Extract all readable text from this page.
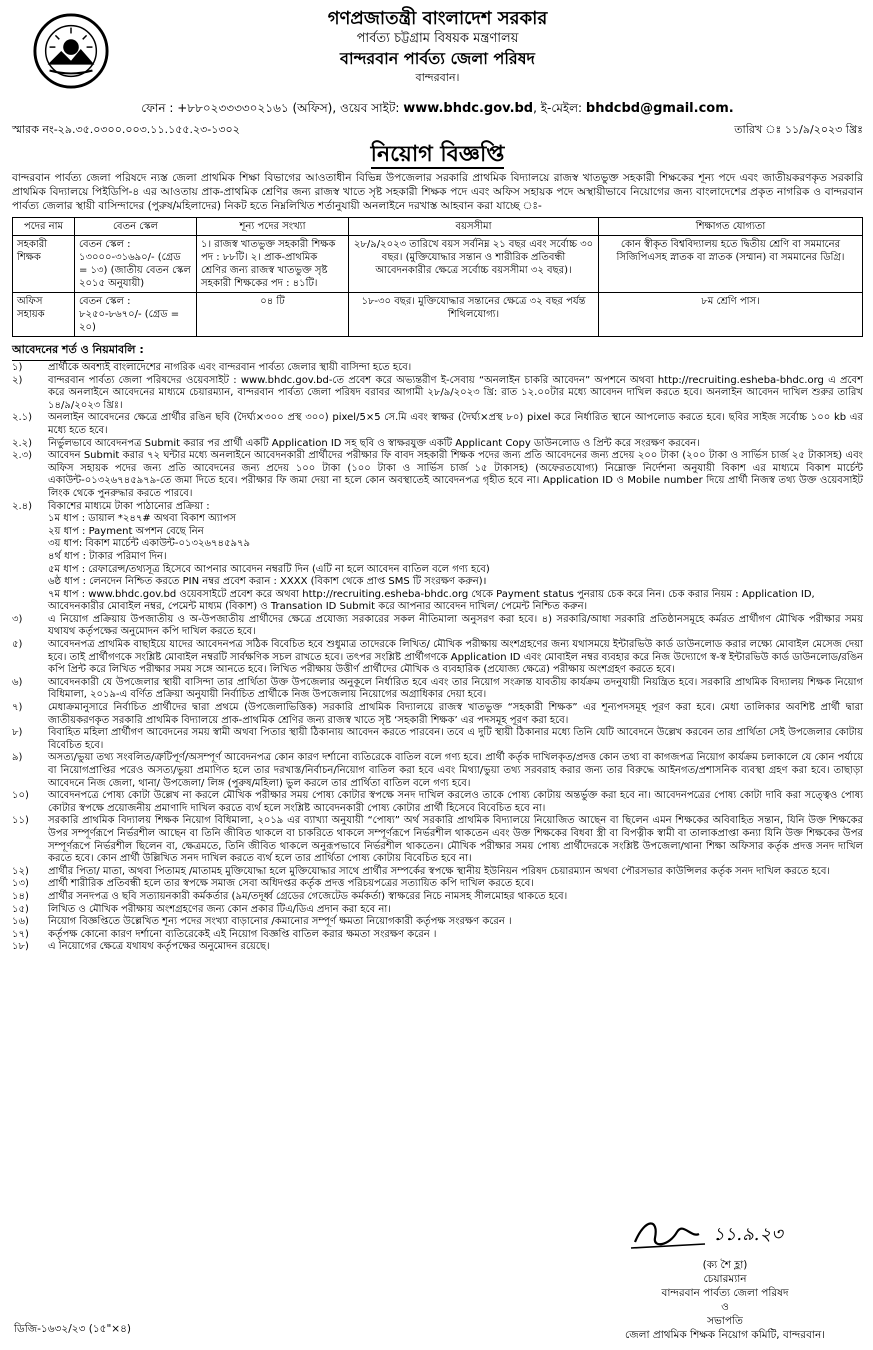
গণপ্রজাতন্ত্রী বাংলাদেশ সরকার
পার্বত্য চট্টগ্রাম বিষয়ক মন্ত্রণালয়
বান্দরবান পার্বত্য জেলা পরিষদ
বান্দরবান।
ফোন : +৮৮০২৩৩৩৩০২১৬১ (অফিস), ওয়েব সাইট: www.bhdc.gov.bd, ই-মেইল: bhdcbd@gmail.com.
স্মারক নং-২৯.৩৫.০৩০০.০০৩.১১.১৫৫.২৩-১৩০২	তারিখ ঃ ১১/৯/২০২৩ খ্রিঃ
নিয়োগ বিজ্ঞপ্তি
বান্দরবান পার্বত্য জেলা পরিষদে ন্যস্ত জেলা প্রাথমিক শিক্ষা বিভাগের আওতাধীন বিভিন্ন উপজেলার সরকারি প্রাথমিক বিদ্যালয়ে রাজস্ব খাতভুক্ত সহকারী শিক্ষকের শূন্য পদে এবং জাতীয়করণকৃত সরকারি প্রাথমিক বিদ্যালয়ে পিইডিপি-৪ এর আওতায় প্রাক-প্রাথমিক শ্রেণির জন্য রাজস্ব খাতে সৃষ্ট সহকারী শিক্ষক পদে এবং অফিস সহায়ক পদে অস্থায়ীভাবে নিয়োগের জন্য বাংলাদেশের প্রকৃত নাগরিক ও বান্দরবান পার্বত্য জেলার স্থায়ী বাসিন্দাদের (পুরুষ/মহিলাদের) নিকট হতে নিম্নলিখিত শর্তানুযায়ী অনলাইনে দরখাস্ত আহবান করা যাচ্ছে ঃ-
পদের নাম	বেতন স্কেল	শূন্য পদের সংখ্যা	বয়সসীমা	শিক্ষাগত যোগ্যতা
সহকারী শিক্ষক	বেতন স্কেল : ১৩০০০-৩১৬৯০/- (গ্রেড = ১৩) (জাতীয় বেতন স্কেল ২০১৫ অনুযায়ী)	১। রাজস্ব খাতভুক্ত সহকারী শিক্ষক পদ : ৮৮টি। ২। প্রাক-প্রাথমিক শ্রেণির জন্য রাজস্ব খাতভুক্ত সৃষ্ট সহকারী শিক্ষকের পদ : ৪১টি।	২৮/৯/২০২৩ তারিখে বয়স সর্বনিম্ন ২১ বছর এবং সর্বোচ্চ ৩০ বছর। (মুক্তিযোদ্ধার সন্তান ও শারীরিক প্রতিবন্ধী আবেদনকারীর ক্ষেত্রে সর্বোচ্চ বয়সসীমা ৩২ বছর)।	কোন স্বীকৃত বিশ্ববিদ্যালয় হতে দ্বিতীয় শ্রেণি বা সমমানের সিজিপিএসহ স্নাতক বা স্নাতক (সম্মান) বা সমমানের ডিগ্রি।
অফিস সহায়ক	বেতন স্কেল : ৮২৫০-৮৬৭০/- (গ্রেড = ২০)	০৪ টি	১৮-৩০ বছর। মুক্তিযোদ্ধার সন্তানের ক্ষেত্রে ৩২ বছর পর্যন্ত শিথিলযোগ্য।	৮ম শ্রেণি পাস।
আবেদনের শর্ত ও নিয়মাবলি :
১)	প্রার্থীকে অবশ্যই বাংলাদেশের নাগরিক এবং বান্দরবান পার্বত্য জেলার স্থায়ী বাসিন্দা হতে হবে।
২)	বান্দরবান পার্বত্য জেলা পরিষদের ওয়েবসাইট : www.bhdc.gov.bd-তে প্রবেশ করে অভ্যন্তরীণ ই-সেবায় “অনলাইন চাকরি আবেদন” অপশনে অথবা http://recruiting.esheba-bhdc.org এ প্রবেশ করে অনলাইনে আবেদনের মাধ্যমে চেয়ারম্যান, বান্দরবান পার্বত্য জেলা পরিষদ বরাবর আগামী ২৮/৯/২০২৩ খ্রি: রাত ১২.০০টার মধ্যে আবেদন দাখিল করতে হবে। অনলাইন আবেদন দাখিল শুরুর তারিখ ১৪/৯/২০২৩ খ্রিঃ।
২.১)	অনলাইন আবেদনের ক্ষেত্রে প্রার্থীর রঙিন ছবি (দৈর্ঘ্য×৩০০ প্রস্থ ৩০০) pixel/5×5 সে.মি এবং স্বাক্ষর (দৈর্ঘ্য×প্রস্থ ৮০) pixel করে নির্ধারিত স্থানে আপলোড করতে হবে। ছবির সাইজ সর্বোচ্চ ১০০ kb এর মধ্যে হতে হবে।
২.২)	নির্ভুলভাবে আবেদনপত্র Submit করার পর প্রার্থী একটি Application ID সহ ছবি ও স্বাক্ষরযুক্ত একটি Applicant Copy ডাউনলোড ও প্রিন্ট করে সংরক্ষণ করবেন।
২.৩)	আবেদন Submit করার ৭২ ঘন্টার মধ্যে অনলাইনে আবেদনকারী প্রার্থীদের পরীক্ষার ফি বাবদ সহকারী শিক্ষক পদের জন্য প্রতি আবেদনের জন্য প্রদেয় ২০০ টাকা (২০০ টাকা ও সার্ভিস চার্জ ২৫ টাকাসহ) এবং অফিস সহায়ক পদের জন্য প্রতি আবেদনের জন্য প্রদেয় ১০০ টাকা (১০০ টাকা ও সার্ভিস চার্জ ১৫ টাকাসহ) (অফেরতযোগ্য) নিম্নোক্ত নির্দেশনা অনুযায়ী বিকাশ এর মাধ্যমে বিকাশ মার্চেন্ট একাউন্ট-০১৩২৬৭৪৫৯৭৯-তে জমা দিতে হবে। পরীক্ষার ফি জমা দেয়া না হলে কোন অবস্থাতেই আবেদনপত্র গৃহীত হবে না। Application ID ও Mobile number দিয়ে প্রার্থী নিজস্ব তথ্য উক্ত ওয়েবসাইট লিংক থেকে পুনরুদ্ধার করতে পারবে।
২.৪)	বিকাশের মাধ্যমে টাকা পাঠানোর প্রক্রিয়া :
১ম ধাপ : ডায়াল *২৪৭# অথবা বিকাশ অ্যাপস
২য় ধাপ : Payment অপশন বেছে নিন
৩য় ধাপ: বিকাশ মার্চেন্ট একাউন্ট-০১৩২৬৭৪৫৯৭৯
৪র্থ ধাপ : টাকার পরিমাণ দিন।
৫ম ধাপ : রেফারেন্স/তথ্যসূত্র হিসেবে আপনার আবেদন নম্বরটি দিন (এটি না হলে আবেদন বাতিল বলে গণ্য হবে)
৬ষ্ঠ ধাপ : লেনদেন নিশ্চিত করতে PIN নম্বর প্রবেশ করান : XXXX (বিকাশ থেকে প্রাপ্ত SMS টি সংরক্ষণ করুন)।
৭ম ধাপ : www.bhdc.gov.bd ওয়েবসাইটে প্রবেশ করে অথবা http://recruiting.esheba-bhdc.org থেকে Payment status পুনরায় চেক করে নিন। চেক করার নিয়ম : Application ID, আবেদনকারীর মোবাইল নম্বর, পেমেন্ট মাধ্যম (বিকাশ) ও Transation ID Submit করে আপনার আবেদন দাখিল/ পেমেন্ট নিশ্চিত করুন।
৩)	এ নিয়োগ প্রক্রিয়ায় উপজাতীয় ও অ-উপজাতীয় প্রার্থীদের ক্ষেত্রে প্রযোজ্য সরকারের সকল নীতিমালা অনুসরণ করা হবে। ৪) সরকারি/আধা সরকারি প্রতিষ্ঠানসমূহে কর্মরত প্রার্থীগণ মৌখিক পরীক্ষার সময় যথাযথ কর্তৃপক্ষের অনুমোদন কপি দাখিল করতে হবে।
৫)	আবেদনপত্র প্রাথমিক বাছাইয়ে যাদের আবেদনপত্র সঠিক বিবেচিত হবে শুধুমাত্র তাদেরকে লিখিত/ মৌখিক পরীক্ষায় অংশগ্রহণের জন্য যথাসময়ে ইন্টারভিউ কার্ড ডাউনলোড করার লক্ষ্যে মোবাইল মেসেজ দেয়া হবে। তাই প্রার্থীগণকে সংশ্লিষ্ট মোবাইল নম্বরটি সার্বক্ষণিক সচল রাখতে হবে। তৎপর সংশ্লিষ্ট প্রার্থীগণকে Application ID এবং মোবাইল নম্বর ব্যবহার করে নিজ উদ্যোগে স্ব-স্ব ইন্টারভিউ কার্ড ডাউনলোড/রঙিন কপি প্রিন্ট করে লিখিত পরীক্ষার সময় সঙ্গে আনতে হবে। লিখিত পরীক্ষায় উত্তীর্ণ প্রার্থীদের মৌখিক ও ব্যবহারিক (প্রযোজ্য ক্ষেত্রে) পরীক্ষায় অংশগ্রহণ করতে হবে।
৬)	আবেদনকারী যে উপজেলার স্থায়ী বাসিন্দা তার প্রার্থিতা উক্ত উপজেলার অনুকূলে নির্ধারিত হবে এবং তার নিয়োগ সংক্রান্ত যাবতীয় কার্যক্রম তদনুযায়ী নিয়ন্ত্রিত হবে। সরকারি প্রাথমিক বিদ্যালয় শিক্ষক নিয়োগ বিধিমালা, ২০১৯-এ বর্ণিত প্রক্রিয়া অনুযায়ী নির্বাচিত প্রার্থীকে নিজ উপজেলায় নিয়োগের অগ্রাধিকার দেয়া হবে।
৭)	মেধাক্রমানুসারে নির্বাচিত প্রার্থীদের দ্বারা প্রথমে (উপজেলাভিত্তিক) সরকারি প্রাথমিক বিদ্যালয়ে রাজস্ব খাতভুক্ত “সহকারী শিক্ষক” এর শূন্যপদসমূহ পূরণ করা হবে। মেধা তালিকার অবশিষ্ট প্রার্থী দ্বারা জাতীয়করণকৃত সরকারি প্রাথমিক বিদ্যালয়ে প্রাক-প্রাথমিক শ্রেণির জন্য রাজস্ব খাতে সৃষ্ট ‘সহকারী শিক্ষক’ এর পদসমূহ পূরণ করা হবে।
৮)	বিবাহিত মহিলা প্রার্থীগণ আবেদনের সময় স্বামী অথবা পিতার স্থায়ী ঠিকানায় আবেদন করতে পারবেন। তবে এ দুটি স্থায়ী ঠিকানার মধ্যে তিনি যেটি আবেদনে উল্লেখ করবেন তার প্রার্থিতা সেই উপজেলার কোটায় বিবেচিত হবে।
৯)	অসত্য/ভুয়া তথ্য সংবলিত/ত্রুটিপূর্ণ/অসম্পূর্ণ আবেদনপত্র কোন কারণ দর্শানো ব্যতিরেকে বাতিল বলে গণ্য হবে। প্রার্থী কর্তৃক দাখিলকৃত/প্রদত্ত কোন তথ্য বা কাগজপত্র নিয়োগ কার্যক্রম চলাকালে যে কোন পর্যায়ে বা নিয়োগপ্রাপ্তির পরেও অসত্য/ভুয়া প্রমাণিত হলে তার দরখাস্ত/নির্বাচন/নিয়োগ বাতিল করা হবে এবং মিথ্যা/ভুয়া তথ্য সরবরাহ করার জন্য তার বিরুদ্ধে আইনগত/প্রশাসনিক ব্যবস্থা গ্রহণ করা হবে। তাছাড়া আবেদনে নিজ জেলা, থানা/ উপজেলা/ লিঙ্গ (পুরুষ/মহিলা) ভুল করলে তার প্রার্থিতা বাতিল বলে গণ্য হবে।
১০)	আবেদনপত্রে পোষ্য কোটা উল্লেখ না করলে মৌখিক পরীক্ষার সময় পোষ্য কোটার স্বপক্ষে সনদ দাখিল করলেও তাকে পোষ্য কোটায় অন্তর্ভুক্ত করা হবে না। আবেদনপত্রের পোষ্য কোটা দাবি করা সত্ত্বেও পোষ্য কোটার স্বপক্ষে প্রয়োজনীয় প্রমাণাদি দাখিল করতে ব্যর্থ হলে সংশ্লিষ্ট আবেদনকারী পোষ্য কোটার প্রার্থী হিসেবে বিবেচিত হবে না।
১১)	সরকারি প্রাথমিক বিদ্যালয় শিক্ষক নিয়োগ বিধিমালা, ২০১৯ এর ব্যাখ্যা অনুযায়ী “পোষ্য” অর্থ সরকারি প্রাথমিক বিদ্যালয়ে নিয়োজিত আছেন বা ছিলেন এমন শিক্ষকের অবিবাহিত সন্তান, যিনি উক্ত শিক্ষকের উপর সম্পূর্ণরূপে নির্ভরশীল আছেন বা তিনি জীবিত থাকলে বা চাকরিতে থাকলে সম্পূর্ণরূপে নির্ভরশীল থাকতেন এবং উক্ত শিক্ষকের বিধবা স্ত্রী বা বিপত্নীক স্বামী বা তালাকপ্রাপ্তা কন্যা যিনি উক্ত শিক্ষকের উপর সম্পূর্ণরূপে নির্ভরশীল ছিলেন বা, ক্ষেত্রমতে, তিনি জীবিত থাকলে অনুরূপভাবে নির্ভরশীল থাকতেন। মৌখিক পরীক্ষার সময় পোষ্য প্রার্থীদেরকে সংশ্লিষ্ট উপজেলা/থানা শিক্ষা অফিসার কর্তৃক প্রদত্ত সনদ দাখিল করতে হবে। কোন প্রার্থী উল্লিখিত সনদ দাখিল করতে ব্যর্থ হলে তার প্রার্থিতা পোষ্য কোটায় বিবেচিত হবে না।
১২)	প্রার্থীর পিতা/ মাতা, অথবা পিতামহ /মাতামহ মুক্তিযোদ্ধা হলে মুক্তিযোদ্ধার সাথে প্রার্থীর সম্পর্কের স্বপক্ষে স্থানীয় ইউনিয়ন পরিষদ চেয়ারম্যান অথবা পৌরসভার কাউন্সিলর কর্তৃক সনদ দাখিল করতে হবে।
১৩)	প্রার্থী শারীরিক প্রতিবন্ধী হলে তার স্বপক্ষে সমাজ সেবা অধিদপ্তর কর্তৃক প্রদত্ত পরিচয়পত্রের সত্যায়িত কপি দাখিল করতে হবে।
১৪)	প্রার্থীর সনদপত্র ও ছবি সত্যায়নকারী কর্মকর্তার (৯ম/তদূর্ধ্ব গ্রেডের গেজেটেড কর্মকর্তা) স্বাক্ষরের নিচে নামসহ সীলমোহর থাকতে হবে।
১৫)	লিখিত ও মৌখিক পরীক্ষায় অংশগ্রহণের জন্য কোন প্রকার টিএ/ডিএ প্রদান করা হবে না।
১৬)	নিয়োগ বিজ্ঞপ্তিতে উল্লেখিত শূন্য পদের সংখ্যা বাড়ানোর /কমানোর সম্পূর্ণ ক্ষমতা নিয়োগকারী কর্তৃপক্ষ সংরক্ষণ করেন ।
১৭)	কর্তৃপক্ষ কোনো কারণ দর্শানো ব্যতিরেকেই এই নিয়োগ বিজ্ঞপ্তি বাতিল করার ক্ষমতা সংরক্ষণ করেন ।
১৮)	এ নিয়োগের ক্ষেত্রে যথাযথ কর্তৃপক্ষের অনুমোদন রয়েছে।
১১.৯.২৩
(ক্য শৈ হ্লা)
চেয়ারম্যান
বান্দরবান পার্বত্য জেলা পরিষদ
ও
সভাপতি
জেলা প্রাথমিক শিক্ষক নিয়োগ কমিটি, বান্দরবান।
ডিজি-১৬৩২/২৩ (১৫"×৪)
